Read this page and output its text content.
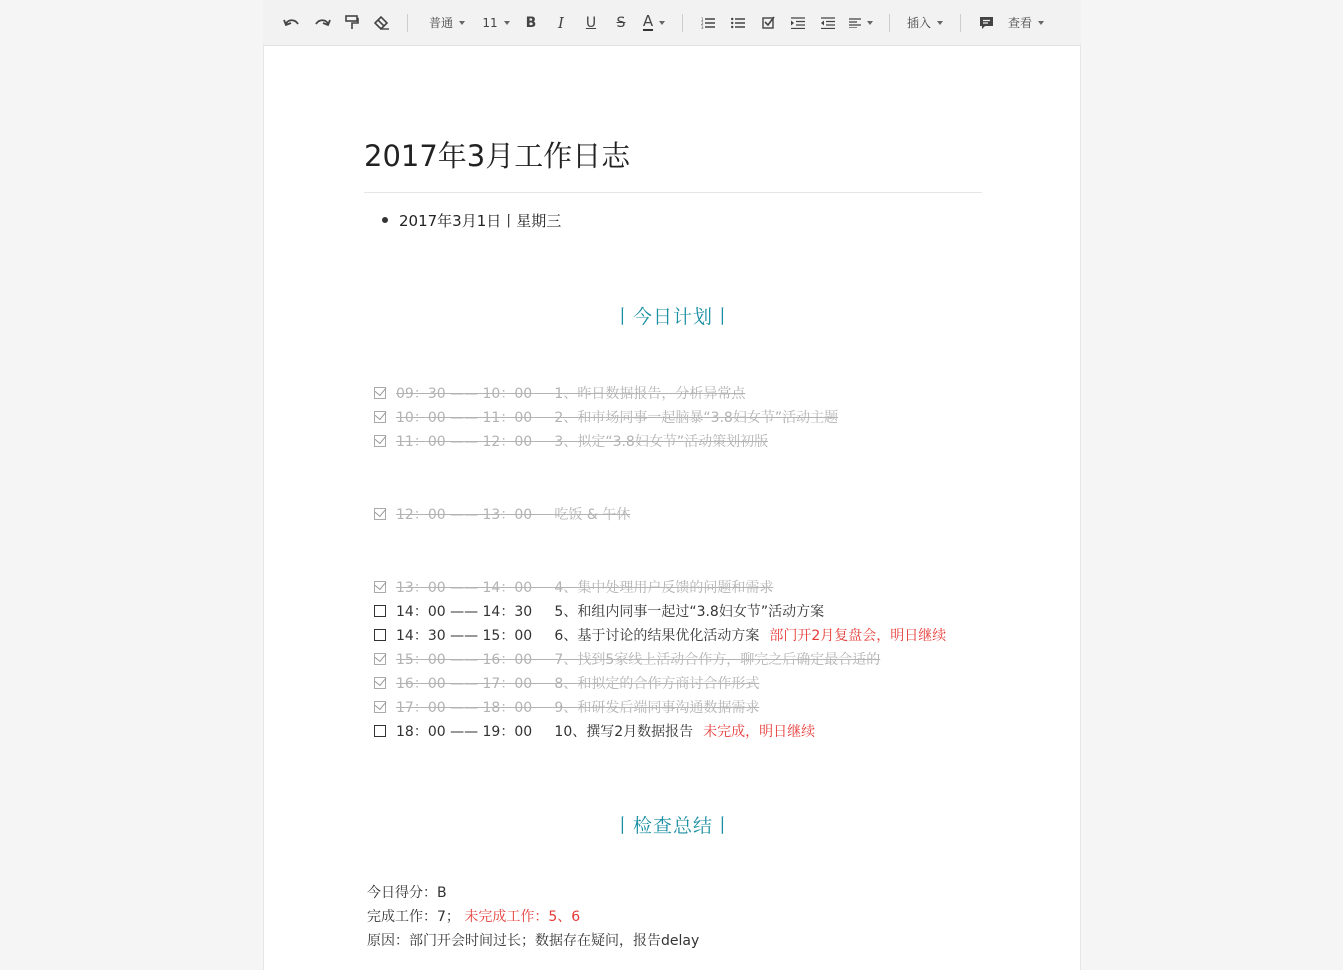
普通 11	B	I	U	S	A	1
2
3	插入	查看
2017年3月工作日志
2017年3月1日丨星期三
丨今日计划丨
09：30 —— 10：00     1、昨日数据报告，分析异常点
10：00 —— 11：00     2、和市场同事一起脑暴“3.8妇女节”活动主题
11：00 —— 12：00     3、拟定“3.8妇女节”活动策划初版
12：00 —— 13：00     吃饭 & 午休
13：00 —— 14：00     4、集中处理用户反馈的问题和需求
14：00 —— 14：30     5、和组内同事一起过“3.8妇女节”活动方案
14：30 —— 15：00     6、基于讨论的结果优化活动方案 部门开2月复盘会，明日继续
15：00 —— 16：00     7、找到5家线上活动合作方，聊完之后确定最合适的
16：00 —— 17：00     8、和拟定的合作方商讨合作形式
17：00 —— 18：00     9、和研发后端同事沟通数据需求
18：00 —— 19：00     10、撰写2月数据报告 未完成，明日继续
丨检查总结丨
今日得分：B
完成工作：7； 未完成工作：5、6
原因：部门开会时间过长；数据存在疑问，报告delay
